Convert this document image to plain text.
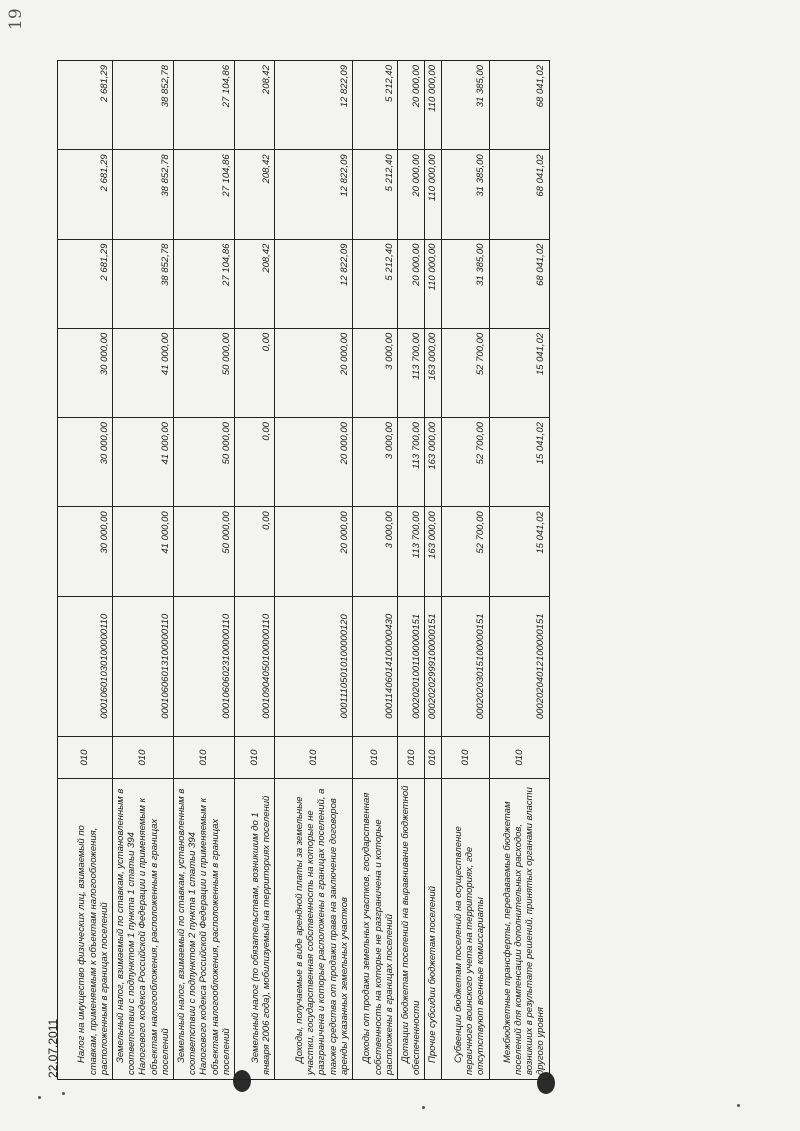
19
22.07.2011 Налог на имущество физических лиц, взимаемый по ставкам, применяемым к объектам налогообложения, расположенным в границах поселений	010	00010601030100000110	30 000,00	30 000,00	30 000,00	2 681,29	2 681,29	2 681,29
Земельный налог, взимаемый по ставкам, установленным в соответствии с подпунктом 1 пункта 1 статьи 394 Налогового кодекса Российской Федерации и применяемым к объектам налогообложения, расположенным в границах поселений	010	00010606013100000110	41 000,00	41 000,00	41 000,00	38 852,78	38 852,78	38 852,78
Земельный налог, взимаемый по ставкам, установленным в соответствии с подпунктом 2 пункта 1 статьи 394 Налогового кодекса Российской Федерации и применяемым к объектам налогообложения, расположенным в границах поселений	010	00010606023100000110	50 000,00	50 000,00	50 000,00	27 104,86	27 104,86	27 104,86
Земельный налог (по обязательствам, возникшим до 1 января 2006 года), мобилизуемый на территориях поселений	010	00010904050100000110	0,00	0,00	0,00	208,42	208,42	208,42
Доходы, получаемые в виде арендной платы за земельные участки, государственная собственность на которые не разграничена и которые расположены в границах поселений, а также средства от продажи права на заключение договоров аренды указанных земельных участков	010	00011105010100000120	20 000,00	20 000,00	20 000,00	12 822,09	12 822,09	12 822,09
Доходы от продажи земельных участков, государственная собственность на которые не разграничена и которые расположены в границах поселений	010	00011406014100000430	3 000,00	3 000,00	3 000,00	5 212,40	5 212,40	5 212,40
Дотации бюджетам поселений на выравнивание бюджетной обеспеченности	010	00020201001100000151	113 700,00	113 700,00	113 700,00	20 000,00	20 000,00	20 000,00
Прочие субсидии бюджетам поселений	010	00020202999100000151	163 000,00	163 000,00	163 000,00	110 000,00	110 000,00	110 000,00
Субвенции бюджетам поселений на осуществление первичного воинского учета на территориях, где отсутствуют военные комиссариаты	010	00020203015100000151	52 700,00	52 700,00	52 700,00	31 385,00	31 385,00	31 385,00
Межбюджетные трансферты, передаваемые бюджетам поселений для компенсации дополнительных расходов, возникших в результате решений, принятых органами власти другого уровня	010	00020204012100000151	15 041,02	15 041,02	15 041,02	68 041,02	68 041,02	68 041,02
